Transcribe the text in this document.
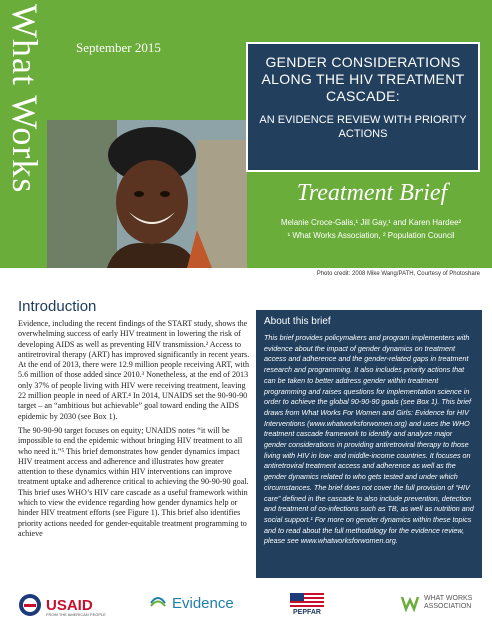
What Works September 2015
GENDER CONSIDERATIONS ALONG THE HIV TREATMENT CASCADE:
AN EVIDENCE REVIEW WITH PRIORITY ACTIONS
Treatment Brief
Melanie Croce-Galis,¹ Jill Gay,¹ and Karen Hardee²
¹ What Works Association, ² Population Council
Photo credit: 2008 Mike Wang/PATH, Courtesy of Photoshare
Introduction

Evidence, including the recent findings of the START study, shows the overwhelming success of early HIV treatment in lowering the risk of developing AIDS as well as preventing HIV transmission.² Access to antiretroviral therapy (ART) has improved significantly in recent years. At the end of 2013, there were 12.9 million people receiving ART, with 5.6 million of those added since 2010.³ Nonetheless, at the end of 2013 only 37% of people living with HIV were receiving treatment, leaving 22 million people in need of ART.⁴ In 2014, UNAIDS set the 90-90-90 target – an “ambitious but achievable” goal toward ending the AIDS epidemic by 2030 (see Box 1).

The 90-90-90 target focuses on equity; UNAIDS notes “it will be impossible to end the epidemic without bringing HIV treatment to all who need it.”⁵ This brief demonstrates how gender dynamics impact HIV treatment access and adherence and illustrates how greater attention to these dynamics within HIV interventions can improve treatment uptake and adherence critical to achieving the 90-90-90 goal. This brief uses WHO’s HIV care cascade as a useful framework within which to view the evidence regarding how gender dynamics help or hinder HIV treatment efforts (see Figure 1). This brief also identifies priority actions needed for gender-equitable treatment programming to achieve

About this brief

This brief provides policymakers and program implementers with evidence about the impact of gender dynamics on treatment access and adherence and the gender-related gaps in treatment research and programming. It also includes priority actions that can be taken to better address gender within treatment programming and raises questions for implementation science in order to achieve the global 90-90-90 goals (see Box 1). This brief draws from What Works For Women and Girls: Evidence for HIV Interventions (www.whatworksforwomen.org) and uses the WHO treatment cascade framework to identify and analyze major gender considerations in providing antiretroviral therapy to those living with HIV in low- and middle-income countries. It focuses on antiretroviral treatment access and adherence as well as the gender dynamics related to who gets tested and under which circumstances. The brief does not cover the full provision of “HIV care” defined in the cascade to also include prevention, detection and treatment of co-infections such as TB, as well as nutrition and social support.¹ For more on gender dynamics within these topics and to read about the full methodology for the evidence review, please see www.whatworksforwomen.org.

USAID
FROM THE AMERICAN PEOPLE
Evidence
PEPFAR
WHAT WORKS
ASSOCIATION
